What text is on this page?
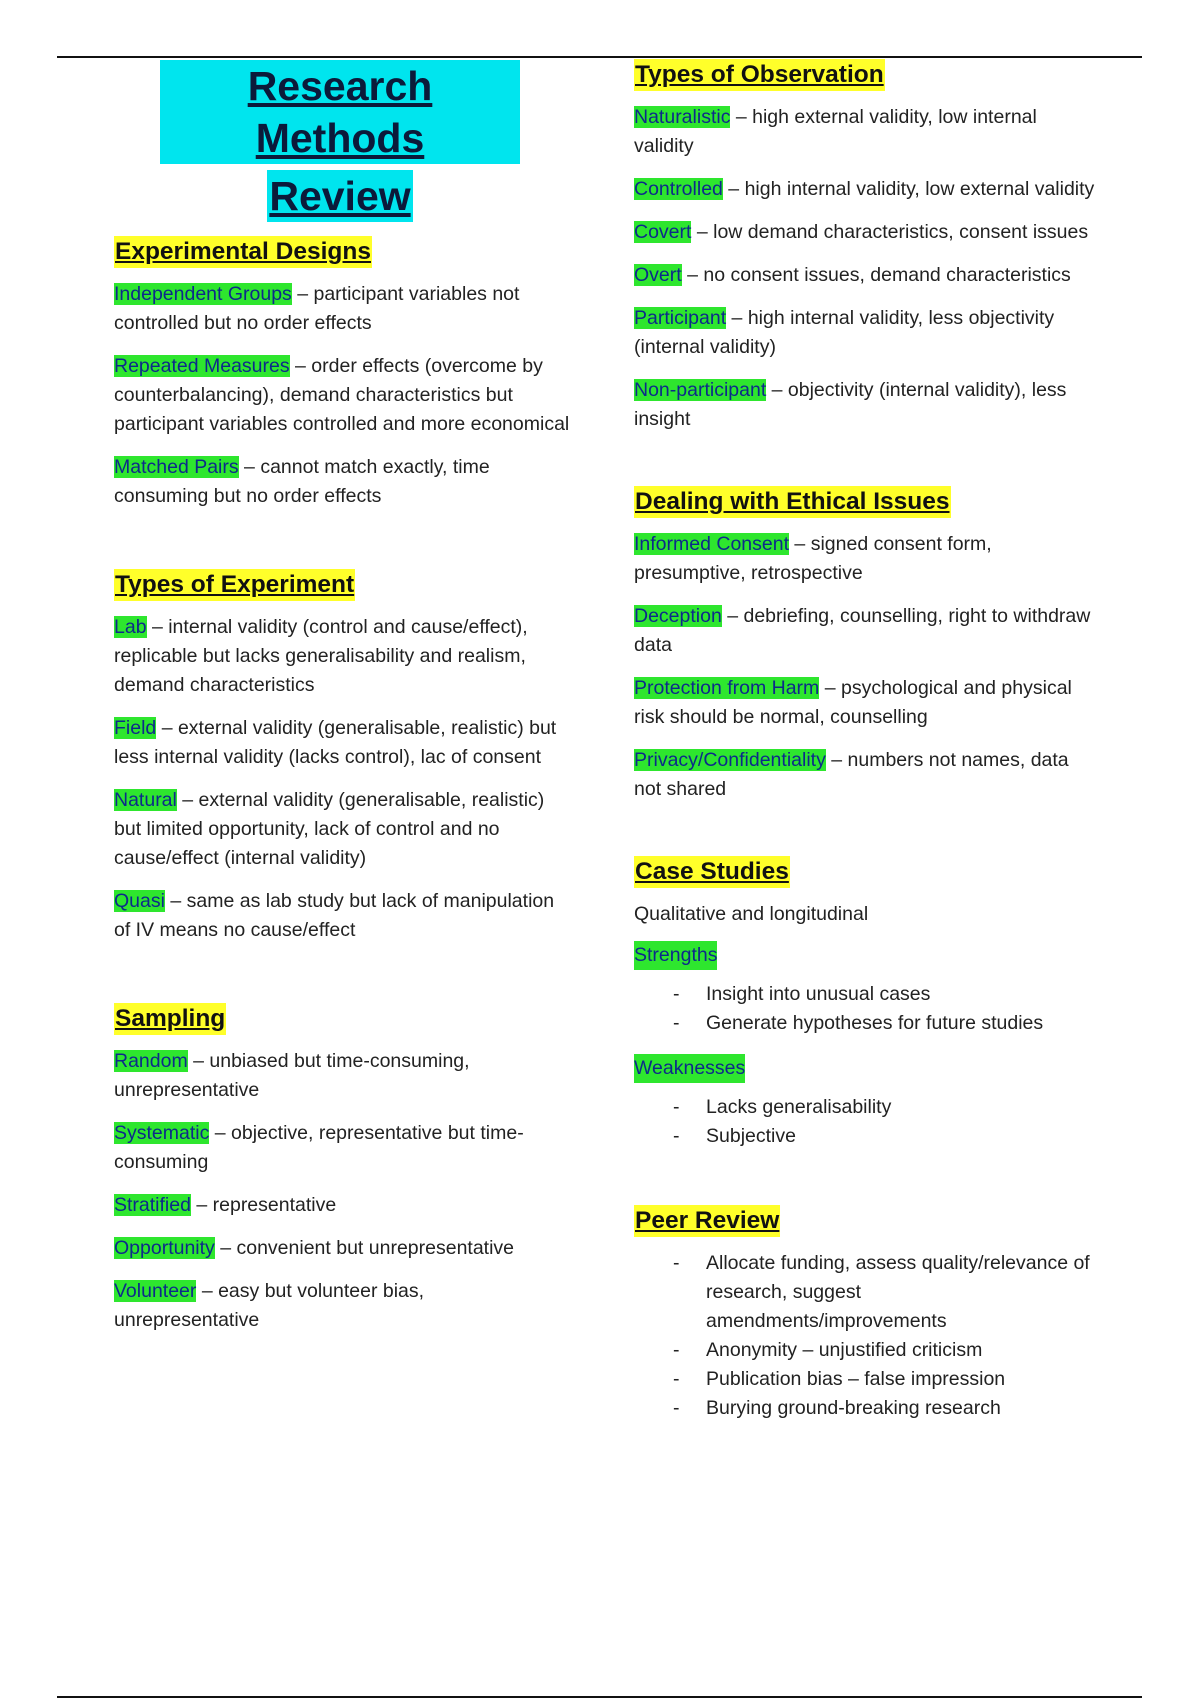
Research Methods
Review
Experimental Designs

Independent Groups – participant variables not controlled but no order effects

Repeated Measures – order effects (overcome by counterbalancing), demand characteristics but participant variables controlled and more economical

Matched Pairs – cannot match exactly, time consuming but no order effects

Types of Experiment

Lab – internal validity (control and cause/effect), replicable but lacks generalisability and realism, demand characteristics

Field – external validity (generalisable, realistic) but less internal validity (lacks control), lac of consent

Natural – external validity (generalisable, realistic) but limited opportunity, lack of control and no cause/effect (internal validity)

Quasi – same as lab study but lack of manipulation of IV means no cause/effect

Sampling

Random – unbiased but time-consuming, unrepresentative

Systematic – objective, representative but time-consuming

Stratified – representative

Opportunity – convenient but unrepresentative

Volunteer – easy but volunteer bias, unrepresentative

Types of Observation

Naturalistic – high external validity, low internal validity

Controlled – high internal validity, low external validity

Covert – low demand characteristics, consent issues

Overt – no consent issues, demand characteristics

Participant – high internal validity, less objectivity (internal validity)

Non-participant – objectivity (internal validity), less insight

Dealing with Ethical Issues

Informed Consent – signed consent form, presumptive, retrospective

Deception – debriefing, counselling, right to withdraw data

Protection from Harm – psychological and physical risk should be normal, counselling

Privacy/Confidentiality – numbers not names, data not shared

Case Studies

Qualitative and longitudinal

Strengths
- Insight into unusual cases
- Generate hypotheses for future studies
Weaknesses
- Lacks generalisability
- Subjective
Peer Review
- Allocate funding, assess quality/relevance of research, suggest amendments/improvements
- Anonymity – unjustified criticism
- Publication bias – false impression
- Burying ground-breaking research
